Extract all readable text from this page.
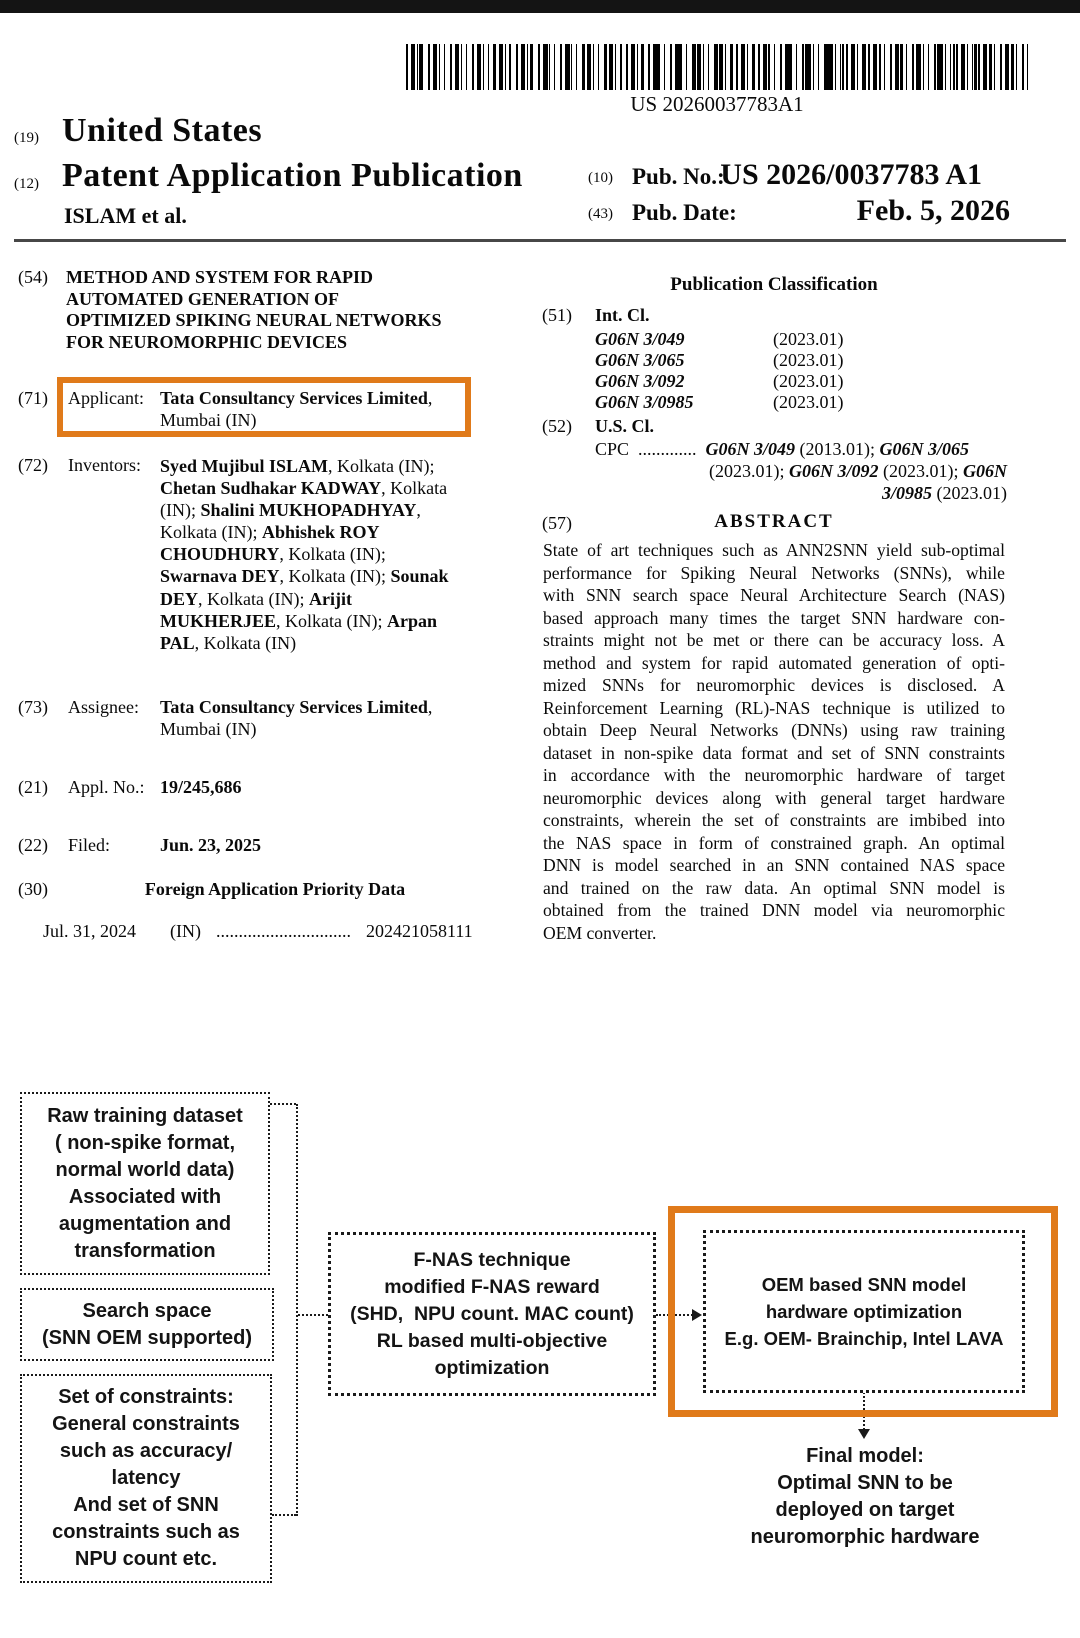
US 20260037783A1
(19) United States
(12) Patent Application Publication
ISLAM et al.
(10) Pub. No.:
US 2026/0037783 A1
(43) Pub. Date:	Feb. 5, 2026
(54) METHOD AND SYSTEM FOR RAPID
AUTOMATED GENERATION OF
OPTIMIZED SPIKING NEURAL NETWORKS
FOR NEUROMORPHIC DEVICES
(71) Applicant: Tata Consultancy Services Limited,
Mumbai (IN)
(72) Inventors: Syed Mujibul ISLAM, Kolkata (IN);
Chetan Sudhakar KADWAY, Kolkata
(IN); Shalini MUKHOPADHYAY,
Kolkata (IN); Abhishek ROY
CHOUDHURY, Kolkata (IN);
Swarnava DEY, Kolkata (IN); Sounak
DEY, Kolkata (IN); Arijit
MUKHERJEE, Kolkata (IN); Arpan
PAL, Kolkata (IN)
(73) Assignee: Tata Consultancy Services Limited,
Mumbai (IN)
(21) Appl. No.: 19/245,686
(22) Filed:	Jun. 23, 2025
(30)	Foreign Application Priority Data
Jul. 31, 2024 (IN) .............................. 202421058111
Publication Classification
(51) Int. Cl.
G06N 3/049	(2023.01)
G06N 3/065	(2023.01)
G06N 3/092	(2023.01)
G06N 3/0985	(2023.01)
(52) U.S. Cl.
CPC  .............  G06N 3/049 (2013.01); G06N 3/065
(2023.01); G06N 3/092 (2023.01); G06N
3/0985 (2023.01)
(57)	ABSTRACT
State of art techniques such as ANN2SNN yield sub-optimal
performance for Spiking Neural Networks (SNNs), while
with SNN search space Neural Architecture Search (NAS)
based approach many times the target SNN hardware con-
straints might not be met or there can be accuracy loss. A
method and system for rapid automated generation of opti-
mized SNNs for neuromorphic devices is disclosed. A
Reinforcement Learning (RL)-NAS technique is utilized to
obtain Deep Neural Networks (DNNs) using raw training
dataset in non-spike data format and set of SNN constraints
in accordance with the neuromorphic hardware of target
neuromorphic devices along with general target hardware
constraints, wherein the set of constraints are imbibed into
the NAS space in form of constrained graph. An optimal
DNN is model searched in an SNN contained NAS space
and trained on the raw data. An optimal SNN model is
obtained from the trained DNN model via neuromorphic
OEM converter.
Raw training dataset
( non-spike format,
normal world data)
Associated with
augmentation and
transformation
Search space
(SNN OEM supported)
Set of constraints:
General constraints
such as accuracy/
latency
And set of SNN
constraints such as
NPU count etc.
F-NAS technique
modified F-NAS reward
(SHD,  NPU count. MAC count)
RL based multi-objective
optimization
OEM based SNN model
hardware optimization
E.g. OEM- Brainchip, Intel LAVA
Final model:
Optimal SNN to be
deployed on target
neuromorphic hardware
